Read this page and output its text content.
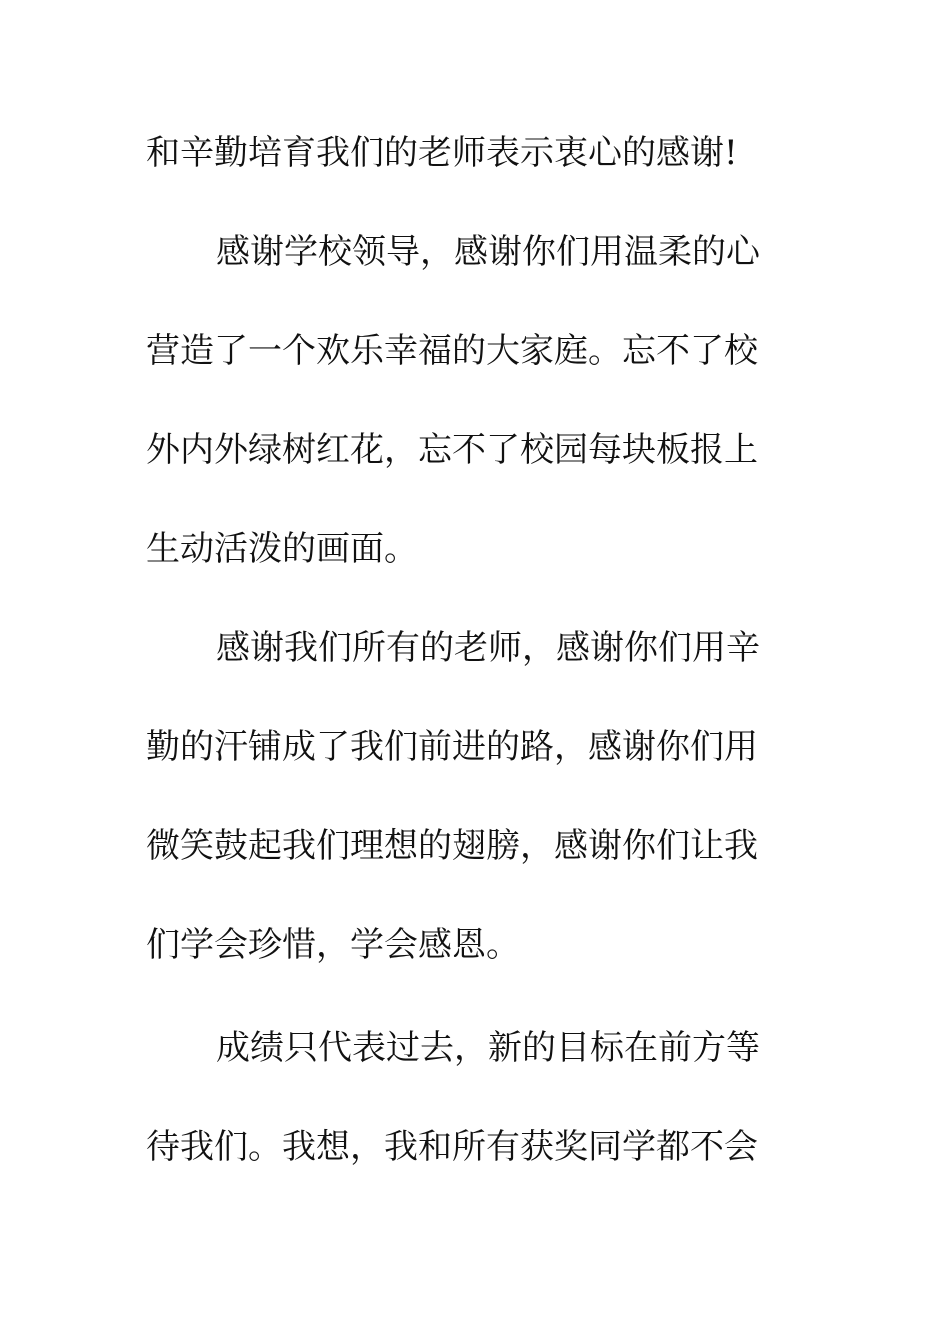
和辛勤培育我们的老师表示衷心的感谢!
感谢学校领导，感谢你们用温柔的心
营造了一个欢乐幸福的大家庭。忘不了校
外内外绿树红花，忘不了校园每块板报上
生动活泼的画面。
感谢我们所有的老师，感谢你们用辛
勤的汗铺成了我们前进的路，感谢你们用
微笑鼓起我们理想的翅膀，感谢你们让我
们学会珍惜，学会感恩。
成绩只代表过去，新的目标在前方等
待我们。我想，我和所有获奖同学都不会
